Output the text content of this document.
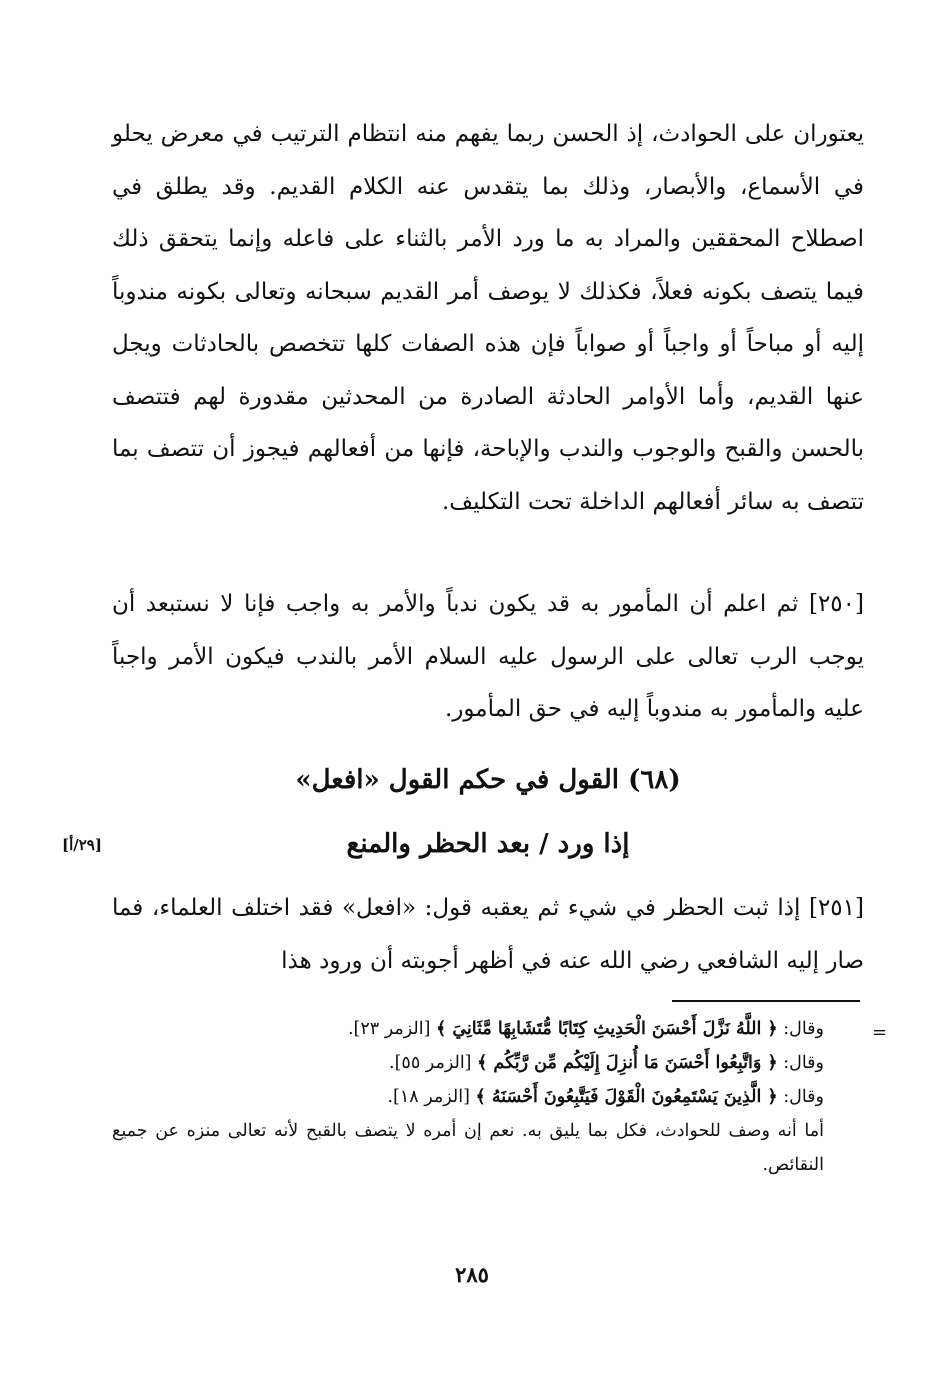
يعتوران على الحوادث، إذ الحسن ربما يفهم منه انتظام الترتيب في معرض يحلو في الأسماع، والأبصار، وذلك بما يتقدس عنه الكلام القديم. وقد يطلق في اصطلاح المحققين والمراد به ما ورد الأمر بالثناء على فاعله وإنما يتحقق ذلك فيما يتصف بكونه فعلاً، فكذلك لا يوصف أمر القديم سبحانه وتعالى بكونه مندوباً إليه أو مباحاً أو واجباً أو صواباً فإن هذه الصفات كلها تتخصص بالحادثات ويجل عنها القديم، وأما الأوامر الحادثة الصادرة من المحدثين مقدورة لهم فتتصف بالحسن والقبح والوجوب والندب والإباحة، فإنها من أفعالهم فيجوز أن تتصف بما تتصف به سائر أفعالهم الداخلة تحت التكليف.

[٢٥٠] ثم اعلم أن المأمور به قد يكون ندباً والأمر به واجب فإنا لا نستبعد أن يوجب الرب تعالى على الرسول عليه السلام الأمر بالندب فيكون الأمر واجباً عليه والمأمور به مندوباً إليه في حق المأمور.

(٦٨) القول في حكم القول «افعل»
إذا ورد / بعد الحظر والمنع
[٢٩/أ]

[٢٥١] إذا ثبت الحظر في شيء ثم يعقبه قول: «افعل» فقد اختلف العلماء، فما صار إليه الشافعي رضي الله عنه في أظهر أجوبته أن ورود هذا

=
وقال: ﴿ اللَّهُ نَزَّلَ أَحْسَنَ الْحَدِيثِ كِتَابًا مُّتَشَابِهًا مَّثَانِيَ ﴾ [الزمر ٢٣].
وقال: ﴿ وَاتَّبِعُوا أَحْسَنَ مَا أُنزِلَ إِلَيْكُم مِّن رَّبِّكُم ﴾ [الزمر ٥٥].
وقال: ﴿ الَّذِينَ يَسْتَمِعُونَ الْقَوْلَ فَيَتَّبِعُونَ أَحْسَنَهُ ﴾ [الزمر ١٨].
أما أنه وصف للحوادث، فكل بما يليق به. نعم إن أمره لا يتصف بالقبح لأنه تعالى منزه عن جميع النقائص.
٢٨٥
